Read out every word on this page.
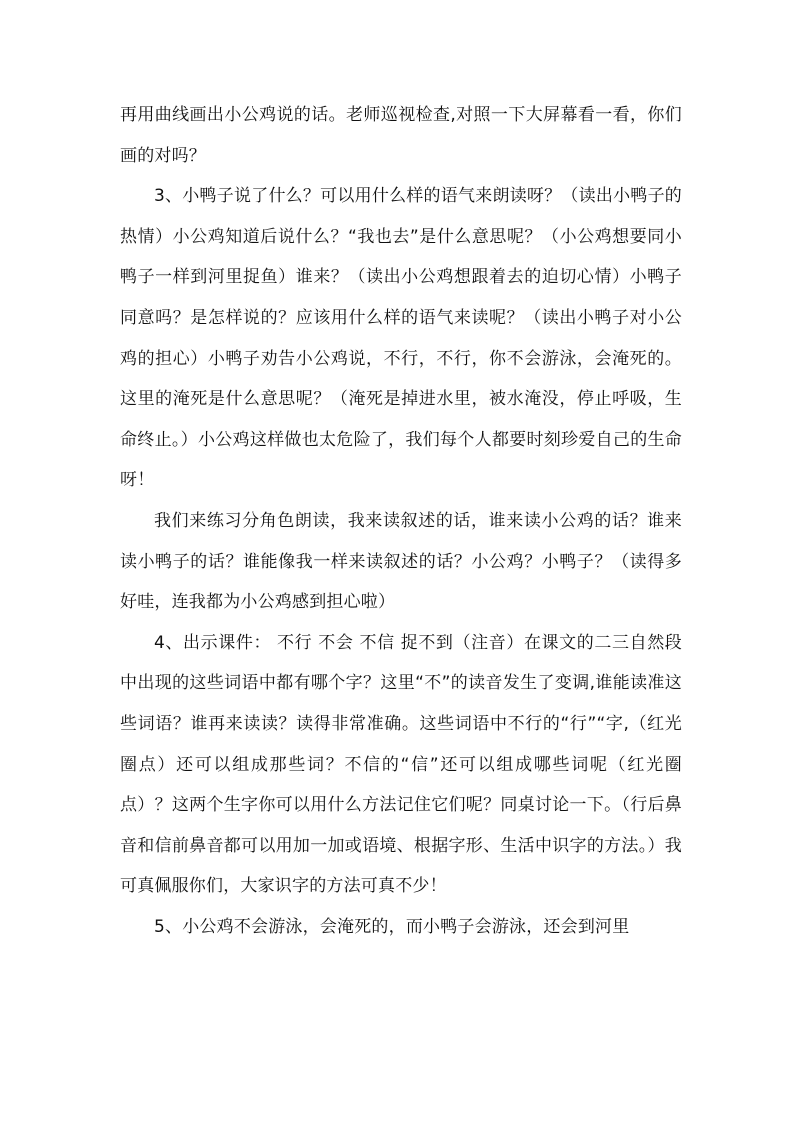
再用曲线画出小公鸡说的话。老师巡视检查,对照一下大屏幕看一看，你们画的对吗？

3、小鸭子说了什么？可以用什么样的语气来朗读呀？（读出小鸭子的热情）小公鸡知道后说什么？“我也去”是什么意思呢？（小公鸡想要同小鸭子一样到河里捉鱼）谁来？（读出小公鸡想跟着去的迫切心情）小鸭子同意吗？是怎样说的？应该用什么样的语气来读呢？（读出小鸭子对小公鸡的担心）小鸭子劝告小公鸡说，不行，不行，你不会游泳，会淹死的。这里的淹死是什么意思呢？（淹死是掉进水里，被水淹没，停止呼吸，生命终止。）小公鸡这样做也太危险了，我们每个人都要时刻珍爱自己的生命呀！

我们来练习分角色朗读，我来读叙述的话，谁来读小公鸡的话？谁来读小鸭子的话？谁能像我一样来读叙述的话？小公鸡？小鸭子？（读得多好哇，连我都为小公鸡感到担心啦）

4、出示课件： 不行 不会 不信 捉不到（注音）在课文的二三自然段中出现的这些词语中都有哪个字？这里“不”的读音发生了变调,谁能读准这些词语？谁再来读读？读得非常准确。这些词语中不行的“行”“字,（红光圈点）还可以组成那些词？不信的“信”还可以组成哪些词呢（红光圈点）？这两个生字你可以用什么方法记住它们呢？同桌讨论一下。（行后鼻音和信前鼻音都可以用加一加或语境、根据字形、生活中识字的方法。）我可真佩服你们，大家识字的方法可真不少！

5、小公鸡不会游泳，会淹死的，而小鸭子会游泳，还会到河里
